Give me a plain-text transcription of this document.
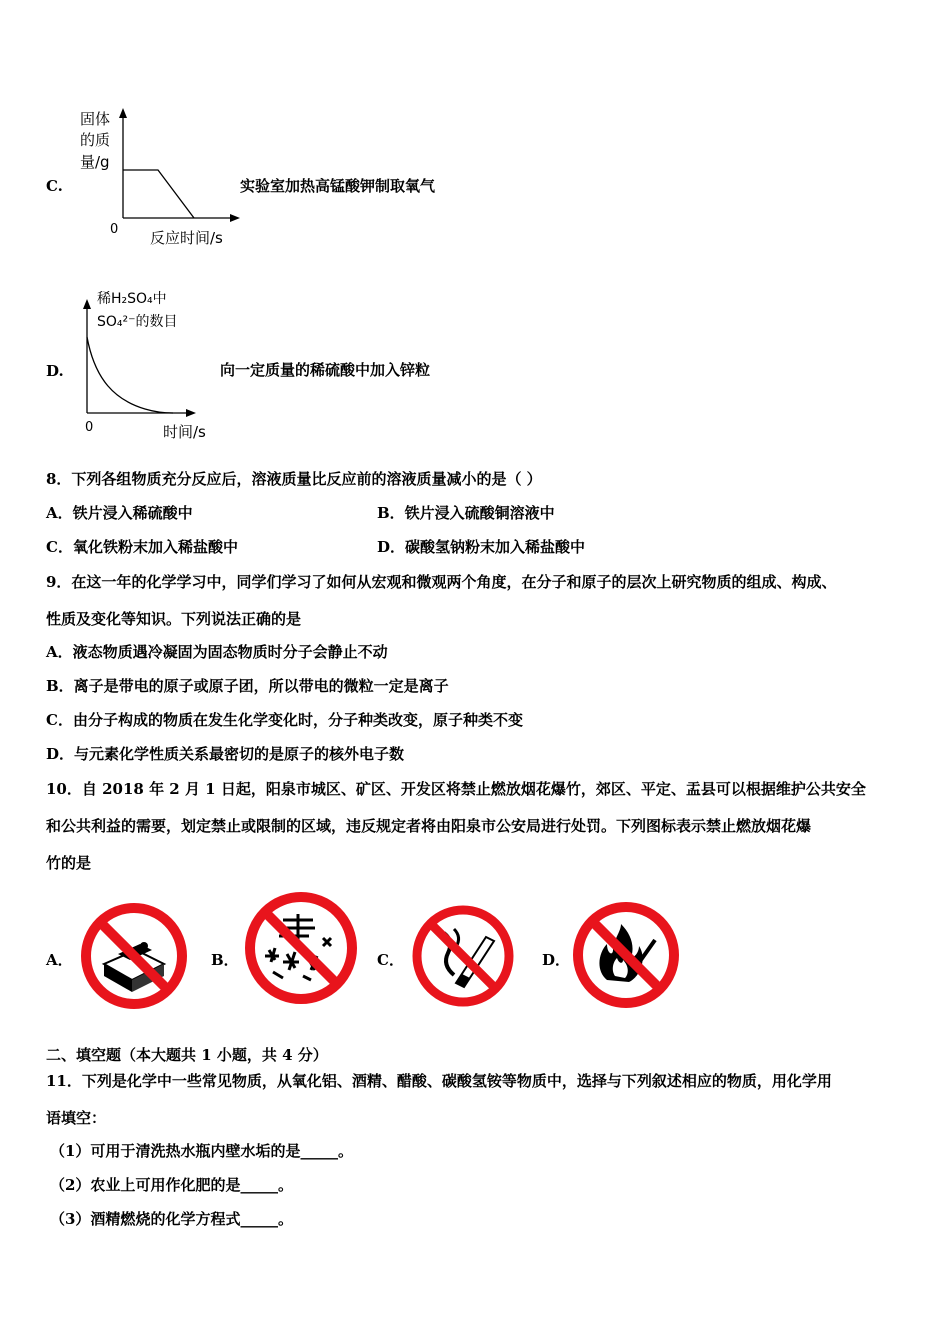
C.
固体
的质
量/g
0 反应时间/s
实验室加热高锰酸钾制取氧气
D.
稀H₂SO₄中
SO₄²⁻的数目
0	时间/s
向一定质量的稀硫酸中加入锌粒
8．下列各组物质充分反应后，溶液质量比反应前的溶液质量减小的是（ ）
A．铁片浸入稀硫酸中	B．铁片浸入硫酸铜溶液中
C．氧化铁粉末加入稀盐酸中	D．碳酸氢钠粉末加入稀盐酸中
9．在这一年的化学学习中，同学们学习了如何从宏观和微观两个角度，在分子和原子的层次上研究物质的组成、构成、
性质及变化等知识。下列说法正确的是
A．液态物质遇冷凝固为固态物质时分子会静止不动
B．离子是带电的原子或原子团，所以带电的微粒一定是离子
C．由分子构成的物质在发生化学变化时，分子种类改变，原子种类不变
D．与元素化学性质关系最密切的是原子的核外电子数
10．自 2018 年 2 月 1 日起，阳泉市城区、矿区、开发区将禁止燃放烟花爆竹，郊区、平定、盂县可以根据维护公共安全
和公共利益的需要，划定禁止或限制的区域，违反规定者将由阳泉市公安局进行处罚。下列图标表示禁止燃放烟花爆
竹的是
A．	B．	C．	D．
二、填空题（本大题共 1 小题，共 4 分）
11．下列是化学中一些常见物质，从氧化铝、酒精、醋酸、碳酸氢铵等物质中，选择与下列叙述相应的物质，用化学用
语填空：
（1）可用于清洗热水瓶内壁水垢的是_____。
（2）农业上可用作化肥的是_____。
（3）酒精燃烧的化学方程式_____。
